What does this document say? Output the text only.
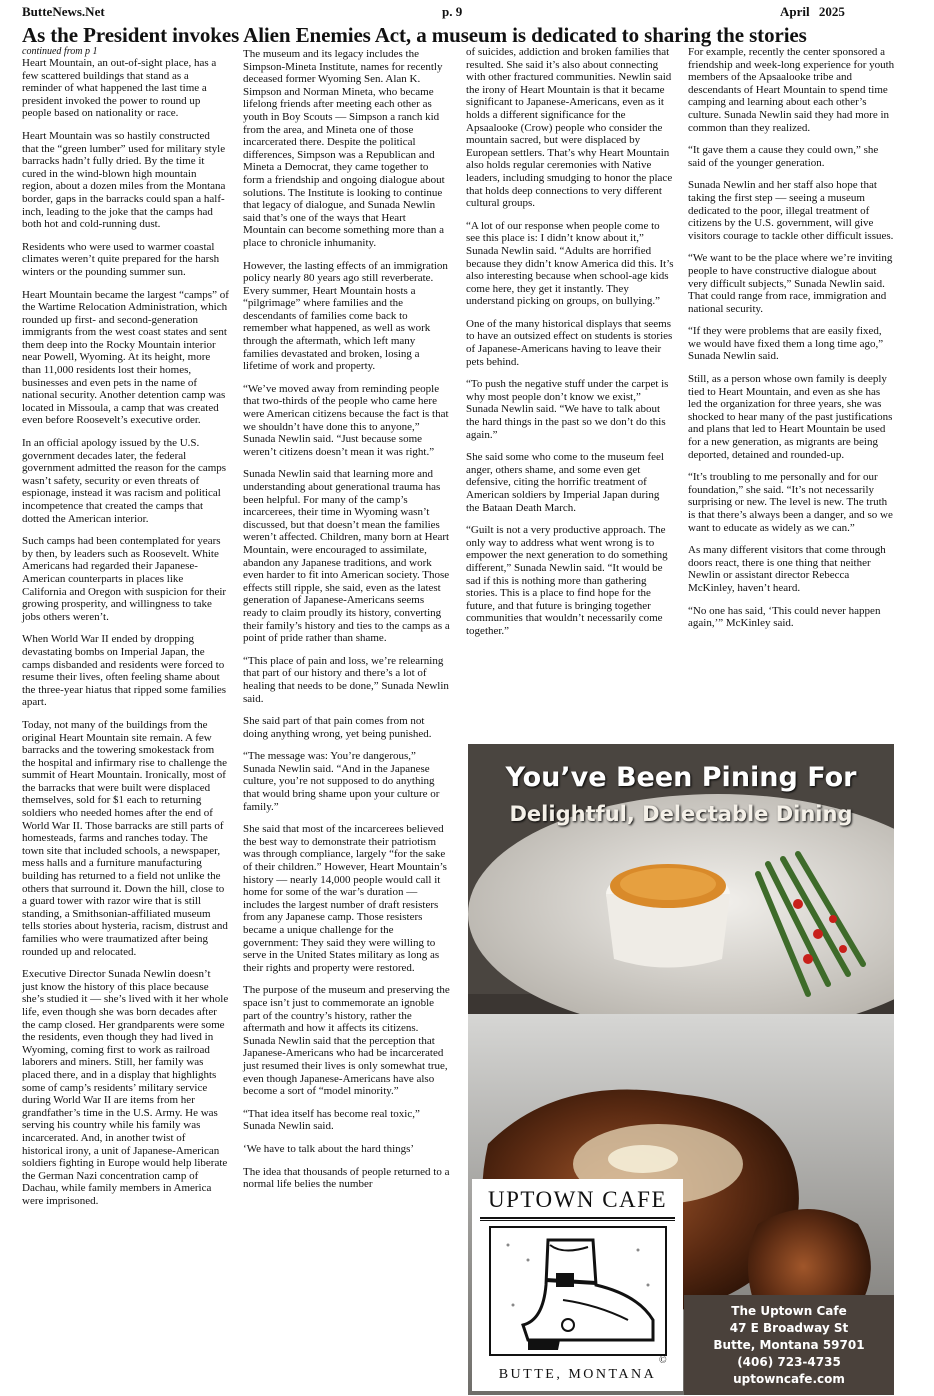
ButteNews.Net	p. 9	April 2025
As the President invokes Alien Enemies Act, a museum is dedicated to sharing the stories
continued from p 1

Heart Mountain, an out-of-sight place, has a few scattered buildings that stand as a reminder of what happened the last time a president invoked the power to round up people based on nationality or race.

Heart Mountain was so hastily constructed that the “green lumber” used for military style barracks hadn’t fully dried. By the time it cured in the wind-blown high mountain region, about a dozen miles from the Montana border, gaps in the barracks could span a half-inch, leading to the joke that the camps had both hot and cold-running dust.

Residents who were used to warmer coastal climates weren’t quite prepared for the harsh winters or the pounding summer sun.

Heart Mountain became the largest “camps” of the Wartime Relocation Administration, which rounded up first- and second-generation immigrants from the west coast states and sent them deep into the Rocky Mountain interior near Powell, Wyoming. At its height, more than 11,000 residents lost their homes, businesses and even pets in the name of national security. Another detention camp was located in Missoula, a camp that was created even before Roosevelt’s executive order.

In an official apology issued by the U.S. government decades later, the federal government admitted the reason for the camps wasn’t safety, security or even threats of espionage, instead it was racism and political incompetence that created the camps that dotted the American interior.

Such camps had been contemplated for years by then, by leaders such as Roosevelt. White Americans had regarded their Japanese-American counterparts in places like California and Oregon with suspicion for their growing prosperity, and willingness to take jobs others weren’t.

When World War II ended by dropping devastating bombs on Imperial Japan, the camps disbanded and residents were forced to resume their lives, often feeling shame about the three-year hiatus that ripped some families apart.

Today, not many of the buildings from the original Heart Mountain site remain. A few barracks and the towering smokestack from the hospital and infirmary rise to challenge the summit of Heart Mountain. Ironically, most of the barracks that were built were displaced themselves, sold for $1 each to returning soldiers who needed homes after the end of World War II. Those barracks are still parts of homesteads, farms and ranches today. The town site that included schools, a newspaper, mess halls and a furniture manufacturing building has returned to a field not unlike the others that surround it. Down the hill, close to a guard tower with razor wire that is still standing, a Smithsonian-affiliated museum tells stories about hysteria, racism, distrust and families who were traumatized after being rounded up and relocated.

Executive Director Sunada Newlin doesn’t just know the history of this place because she’s studied it — she’s lived with it her whole life, even though she was born decades after the camp closed. Her grandparents were some the residents, even though they had lived in Wyoming, coming first to work as railroad laborers and miners. Still, her family was placed there, and in a display that highlights some of camp’s residents’ military service during World War II are items from her grandfather’s time in the U.S. Army. He was serving his country while his family was incarcerated. And, in another twist of historical irony, a unit of Japanese-American soldiers fighting in Europe would help liberate the German Nazi concentration camp of Dachau, while family members in America were imprisoned.

The museum and its legacy includes the Simpson-Mineta Institute, names for recently deceased former Wyoming Sen. Alan K. Simpson and Norman Mineta, who became lifelong friends after meeting each other as youth in Boy Scouts — Simpson a ranch kid from the area, and Mineta one of those incarcerated there. Despite the political differences, Simpson was a Republican and Mineta a Democrat, they came together to form a friendship and ongoing dialogue about solutions. The Institute is looking to continue that legacy of dialogue, and Sunada Newlin said that’s one of the ways that Heart Mountain can become something more than a place to chronicle inhumanity.

However, the lasting effects of an immigration policy nearly 80 years ago still reverberate. Every summer, Heart Mountain hosts a “pilgrimage” where families and the descendants of families come back to remember what happened, as well as work through the aftermath, which left many families devastated and broken, losing a lifetime of work and property.

“We’ve moved away from reminding people that two-thirds of the people who came here were American citizens because the fact is that we shouldn’t have done this to anyone,” Sunada Newlin said. “Just because some weren’t citizens doesn’t mean it was right.”

Sunada Newlin said that learning more and understanding about generational trauma has been helpful. For many of the camp’s incarcerees, their time in Wyoming wasn’t discussed, but that doesn’t mean the families weren’t affected. Children, many born at Heart Mountain, were encouraged to assimilate, abandon any Japanese traditions, and work even harder to fit into American society. Those effects still ripple, she said, even as the latest generation of Japanese-Americans seems ready to claim proudly its history, converting their family’s history and ties to the camps as a point of pride rather than shame.

“This place of pain and loss, we’re relearning that part of our history and there’s a lot of healing that needs to be done,” Sunada Newlin said.

She said part of that pain comes from not doing anything wrong, yet being punished.

“The message was: You’re dangerous,” Sunada Newlin said. “And in the Japanese culture, you’re not supposed to do anything that would bring shame upon your culture or family.”

She said that most of the incarcerees believed the best way to demonstrate their patriotism was through compliance, largely “for the sake of their children.” However, Heart Mountain’s history — nearly 14,000 people would call it home for some of the war’s duration — includes the largest number of draft resisters from any Japanese camp. Those resisters became a unique challenge for the government: They said they were willing to serve in the United States military as long as their rights and property were restored.

The purpose of the museum and preserving the space isn’t just to commemorate an ignoble part of the country’s history, rather the aftermath and how it affects its citizens. Sunada Newlin said that the perception that Japanese-Americans who had be incarcerated just resumed their lives is only somewhat true, even though Japanese-Americans have also become a sort of “model minority.”

“That idea itself has become real toxic,” Sunada Newlin said.

‘We have to talk about the hard things’

The idea that thousands of people returned to a normal life belies the number

of suicides, addiction and broken families that resulted. She said it’s also about connecting with other fractured communities. Newlin said the irony of Heart Mountain is that it became significant to Japanese-Americans, even as it holds a different significance for the Apsaalooke (Crow) people who consider the mountain sacred, but were displaced by European settlers. That’s why Heart Mountain also holds regular ceremonies with Native leaders, including smudging to honor the place that holds deep connections to very different cultural groups.

“A lot of our response when people come to see this place is: I didn’t know about it,” Sunada Newlin said. “Adults are horrified because they didn’t know America did this. It’s also interesting because when school-age kids come here, they get it instantly. They understand picking on groups, on bullying.”

One of the many historical displays that seems to have an outsized effect on students is stories of Japanese-Americans having to leave their pets behind.

“To push the negative stuff under the carpet is why most people don’t know we exist,” Sunada Newlin said. “We have to talk about the hard things in the past so we don’t do this again.”

She said some who come to the museum feel anger, others shame, and some even get defensive, citing the horrific treatment of American soldiers by Imperial Japan during the Bataan Death March.

“Guilt is not a very productive approach. The only way to address what went wrong is to empower the next generation to do something different,” Sunada Newlin said. “It would be sad if this is nothing more than gathering stories. This is a place to find hope for the future, and that future is bringing together communities that wouldn’t necessarily come together.”

For example, recently the center sponsored a friendship and week-long experience for youth members of the Apsaalooke tribe and descendants of Heart Mountain to spend time camping and learning about each other’s culture. Sunada Newlin said they had more in common than they realized.

“It gave them a cause they could own,” she said of the younger generation.

Sunada Newlin and her staff also hope that taking the first step — seeing a museum dedicated to the poor, illegal treatment of citizens by the U.S. government, will give visitors courage to tackle other difficult issues.

“We want to be the place where we’re inviting people to have constructive dialogue about very difficult subjects,” Sunada Newlin said. That could range from race, immigration and national security.

“If they were problems that are easily fixed, we would have fixed them a long time ago,” Sunada Newlin said.

Still, as a person whose own family is deeply tied to Heart Mountain, and even as she has led the organization for three years, she was shocked to hear many of the past justifications and plans that led to Heart Mountain be used for a new generation, as migrants are being deported, detained and rounded-up.

“It’s troubling to me personally and for our foundation,” she said. “It’s not necessarily surprising or new. The level is new. The truth is that there’s always been a danger, and so we want to educate as widely as we can.”

As many different visitors that come through doors react, there is one thing that neither Newlin or assistant director Rebecca McKinley, haven’t heard.

“No one has said, ‘This could never happen again,’” McKinley said.

You’ve Been Pining For
Delightful, Delectable Dining
UPTOWN CAFE
©
BUTTE, MONTANA
The Uptown Cafe
47 E Broadway St
Butte, Montana 59701
(406) 723-4735
uptowncafe.com
